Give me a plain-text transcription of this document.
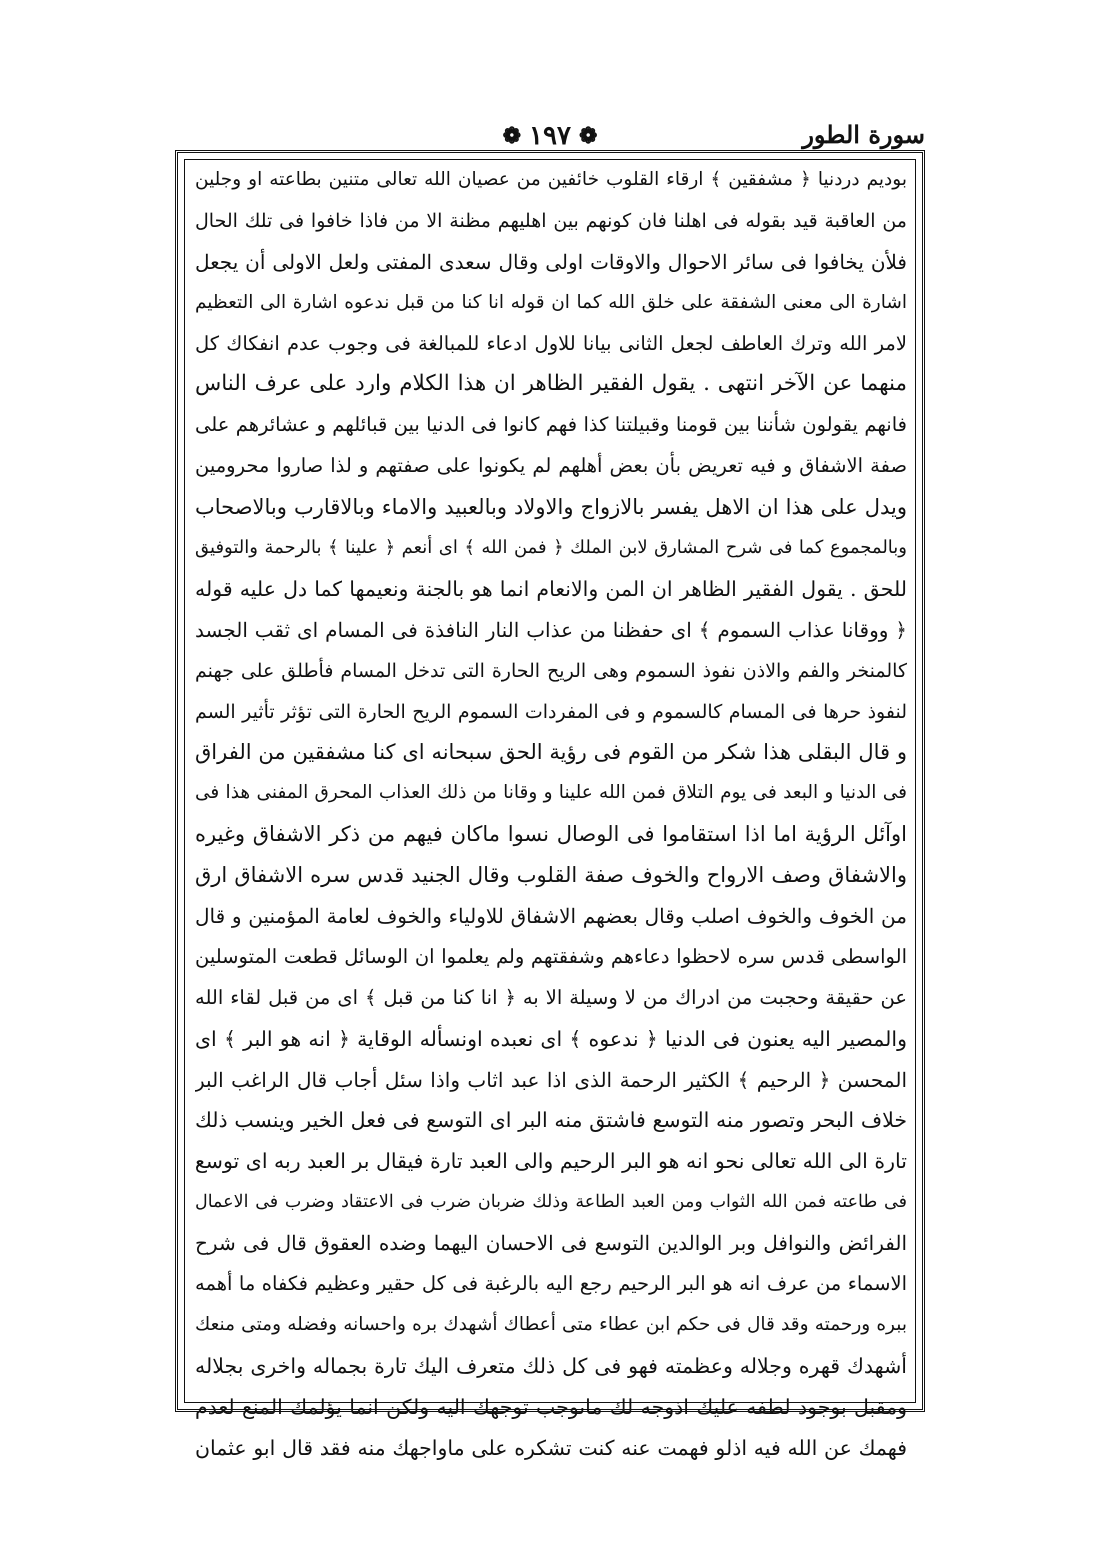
❁ ١٩٧ ❁	سورة الطور
بوديم دردنيا ﴿ مشفقين ﴾ ارقاء القلوب خائفين من عصيان الله تعالى متنين بطاعته او وجلين
من العاقبة قيد بقوله فى اهلنا فان كونهم بين اهليهم مظنة الا من فاذا خافوا فى تلك الحال
فلأن يخافوا فى سائر الاحوال والاوقات اولى وقال سعدى المفتى ولعل الاولى أن يجعل
اشارة الى معنى الشفقة على خلق الله كما ان قوله انا كنا من قبل ندعوه اشارة الى التعظيم
لامر الله وترك العاطف لجعل الثانى بيانا للاول ادعاء للمبالغة فى وجوب عدم انفكاك كل
منهما عن الآخر انتهى . يقول الفقير الظاهر ان هذا الكلام وارد على عرف الناس
فانهم يقولون شأننا بين قومنا وقبيلتنا كذا فهم كانوا فى الدنيا بين قبائلهم و عشائرهم على
صفة الاشفاق و فيه تعريض بأن بعض أهلهم لم يكونوا على صفتهم و لذا صاروا محرومين
ويدل على هذا ان الاهل يفسر بالازواج والاولاد وبالعبيد والاماء وبالاقارب وبالاصحاب
وبالمجموع كما فى شرح المشارق لابن الملك ﴿ فمن الله ﴾ اى أنعم ﴿ علينا ﴾ بالرحمة والتوفيق
للحق . يقول الفقير الظاهر ان المن والانعام انما هو بالجنة ونعيمها كما دل عليه قوله
﴿ ووقانا عذاب السموم ﴾ اى حفظنا من عذاب النار النافذة فى المسام اى ثقب الجسد
كالمنخر والفم والاذن نفوذ السموم وهى الريح الحارة التى تدخل المسام فأطلق على جهنم
لنفوذ حرها فى المسام كالسموم و فى المفردات السموم الريح الحارة التى تؤثر تأثير السم
و قال البقلى هذا شكر من القوم فى رؤية الحق سبحانه اى كنا مشفقين من الفراق
فى الدنيا و البعد فى يوم التلاق فمن الله علينا و وقانا من ذلك العذاب المحرق المفنى هذا فى
اوآئل الرؤية اما اذا استقاموا فى الوصال نسوا ماكان فيهم من ذكر الاشفاق وغيره
والاشفاق وصف الارواح والخوف صفة القلوب وقال الجنيد قدس سره الاشفاق ارق
من الخوف والخوف اصلب وقال بعضهم الاشفاق للاولياء والخوف لعامة المؤمنين و قال
الواسطى قدس سره لاحظوا دعاءهم وشفقتهم ولم يعلموا ان الوسائل قطعت المتوسلين
عن حقيقة وحجبت من ادراك من لا وسيلة الا به ﴿ انا كنا من قبل ﴾ اى من قبل لقاء الله
والمصير اليه يعنون فى الدنيا ﴿ ندعوه ﴾ اى نعبده اونسأله الوقاية ﴿ انه هو البر ﴾ اى
المحسن ﴿ الرحيم ﴾ الكثير الرحمة الذى اذا عبد اثاب واذا سئل أجاب قال الراغب البر
خلاف البحر وتصور منه التوسع فاشتق منه البر اى التوسع فى فعل الخير وينسب ذلك
تارة الى الله تعالى نحو انه هو البر الرحيم والى العبد تارة فيقال بر العبد ربه اى توسع
فى طاعته فمن الله الثواب ومن العبد الطاعة وذلك ضربان ضرب فى الاعتقاد وضرب فى الاعمال
الفرائض والنوافل وبر الوالدين التوسع فى الاحسان اليهما وضده العقوق قال فى شرح
الاسماء من عرف انه هو البر الرحيم رجع اليه بالرغبة فى كل حقير وعظيم فكفاه ما أهمه
ببره ورحمته وقد قال فى حكم ابن عطاء متى أعطاك أشهدك بره واحسانه وفضله ومتى منعك
أشهدك قهره وجلاله وعظمته فهو فى كل ذلك متعرف اليك تارة بجماله واخرى بجلاله
ومقبل بوجود لطفه عليك اذوجه لك ماىوجب توجهك اليه ولكن انما يؤلمك المنع لعدم
فهمك عن الله فيه اذلو فهمت عنه كنت تشكره على ماواجهك منه فقد قال ابو عثمان
